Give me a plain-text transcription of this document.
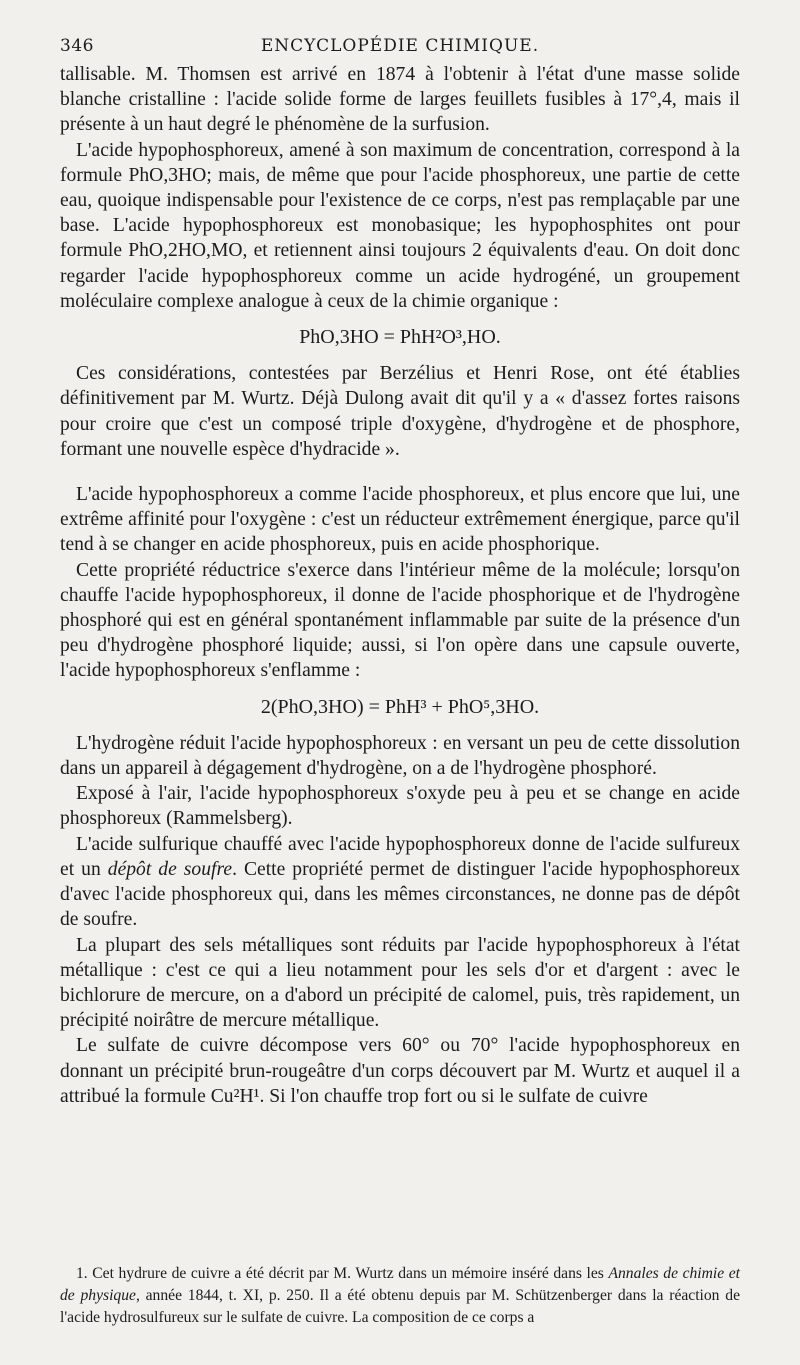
346	ENCYCLOPÉDIE CHIMIQUE.

tallisable. M. Thomsen est arrivé en 1874 à l'obtenir à l'état d'une masse solide blanche cristalline : l'acide solide forme de larges feuillets fusibles à 17°,4, mais il présente à un haut degré le phénomène de la surfusion.

L'acide hypophosphoreux, amené à son maximum de concentration, correspond à la formule PhO,3HO; mais, de même que pour l'acide phosphoreux, une partie de cette eau, quoique indispensable pour l'existence de ce corps, n'est pas remplaçable par une base. L'acide hypophosphoreux est monobasique; les hypophosphites ont pour formule PhO,2HO,MO, et retiennent ainsi toujours 2 équivalents d'eau. On doit donc regarder l'acide hypophosphoreux comme un acide hydrogéné, un groupement moléculaire complexe analogue à ceux de la chimie organique :

PhO,3HO = PhH²O³,HO.

Ces considérations, contestées par Berzélius et Henri Rose, ont été établies définitivement par M. Wurtz. Déjà Dulong avait dit qu'il y a « d'assez fortes raisons pour croire que c'est un composé triple d'oxygène, d'hydrogène et de phosphore, formant une nouvelle espèce d'hydracide ».

L'acide hypophosphoreux a comme l'acide phosphoreux, et plus encore que lui, une extrême affinité pour l'oxygène : c'est un réducteur extrêmement énergique, parce qu'il tend à se changer en acide phosphoreux, puis en acide phosphorique.

Cette propriété réductrice s'exerce dans l'intérieur même de la molécule; lorsqu'on chauffe l'acide hypophosphoreux, il donne de l'acide phosphorique et de l'hydrogène phosphoré qui est en général spontanément inflammable par suite de la présence d'un peu d'hydrogène phosphoré liquide; aussi, si l'on opère dans une capsule ouverte, l'acide hypophosphoreux s'enflamme :

2(PhO,3HO) = PhH³ + PhO⁵,3HO.

L'hydrogène réduit l'acide hypophosphoreux : en versant un peu de cette dissolution dans un appareil à dégagement d'hydrogène, on a de l'hydrogène phosphoré.

Exposé à l'air, l'acide hypophosphoreux s'oxyde peu à peu et se change en acide phosphoreux (Rammelsberg).

L'acide sulfurique chauffé avec l'acide hypophosphoreux donne de l'acide sulfureux et un dépôt de soufre. Cette propriété permet de distinguer l'acide hypophosphoreux d'avec l'acide phosphoreux qui, dans les mêmes circonstances, ne donne pas de dépôt de soufre.

La plupart des sels métalliques sont réduits par l'acide hypophosphoreux à l'état métallique : c'est ce qui a lieu notamment pour les sels d'or et d'argent : avec le bichlorure de mercure, on a d'abord un précipité de calomel, puis, très rapidement, un précipité noirâtre de mercure métallique.

Le sulfate de cuivre décompose vers 60° ou 70° l'acide hypophosphoreux en donnant un précipité brun-rougeâtre d'un corps découvert par M. Wurtz et auquel il a attribué la formule Cu²H¹. Si l'on chauffe trop fort ou si le sulfate de cuivre

1. Cet hydrure de cuivre a été décrit par M. Wurtz dans un mémoire inséré dans les Annales de chimie et de physique, année 1844, t. XI, p. 250. Il a été obtenu depuis par M. Schützenberger dans la réaction de l'acide hydrosulfureux sur le sulfate de cuivre. La composition de ce corps a
